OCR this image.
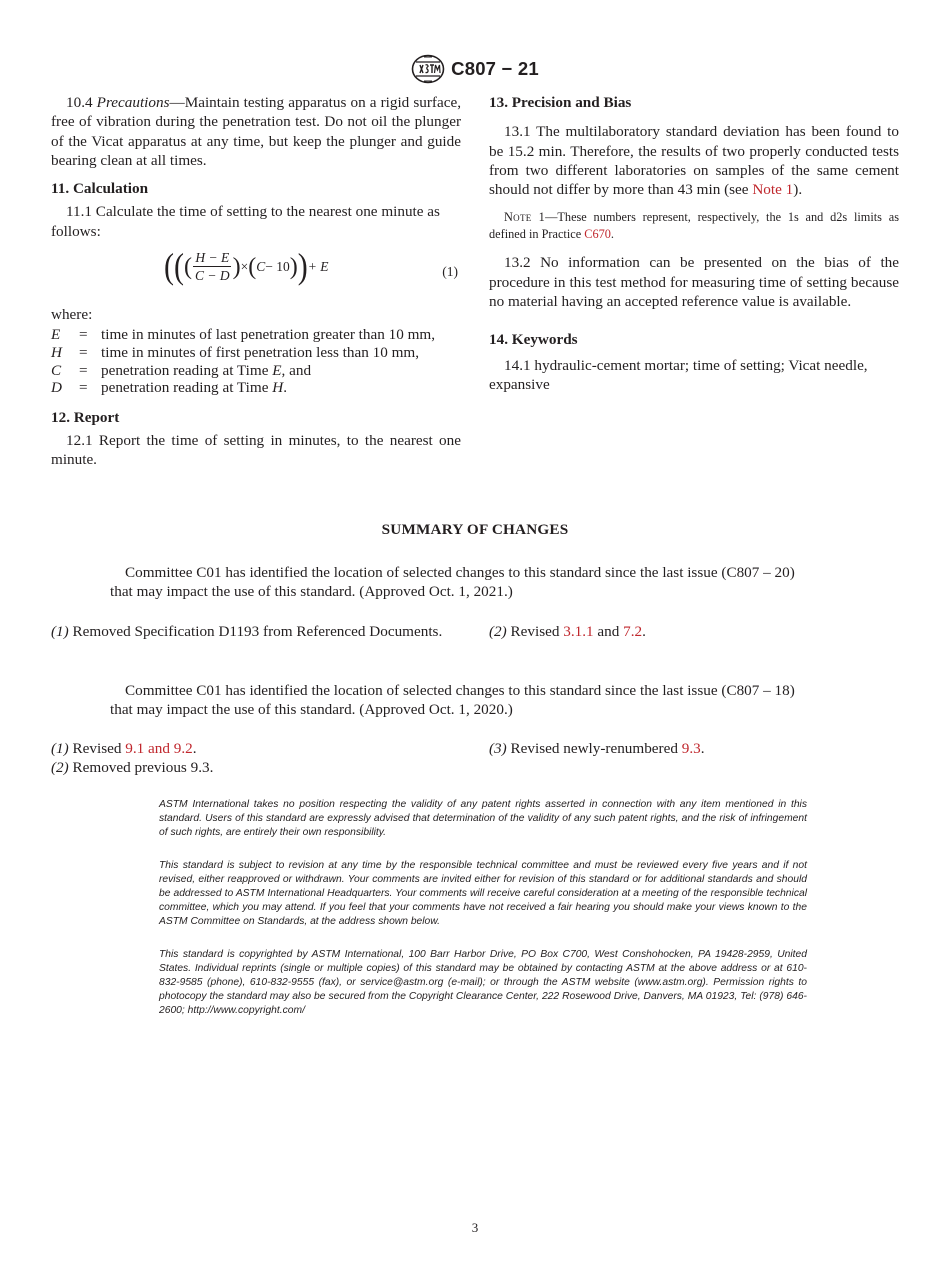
C807 − 21

10.4 Precautions—Maintain testing apparatus on a rigid surface, free of vibration during the penetration test. Do not oil the plunger of the Vicat apparatus at any time, but keep the plunger and guide bearing clean at all times.

11. Calculation

11.1 Calculate the time of setting to the nearest one minute as follows:

( ( ( $\frac{H - E}{C - D}$ ) × ( C − 10 ) ) + E	(1)
where:
E	= time in minutes of last penetration greater than 10 mm,
H	= time in minutes of first penetration less than 10 mm,
C	= penetration reading at Time E, and
D	= penetration reading at Time H.
12. Report

12.1 Report the time of setting in minutes, to the nearest one minute.

13. Precision and Bias

13.1 The multilaboratory standard deviation has been found to be 15.2 min. Therefore, the results of two properly conducted tests from two different laboratories on samples of the same cement should not differ by more than 43 min (see Note 1).

Note 1—These numbers represent, respectively, the 1s and d2s limits as defined in Practice C670.

13.2 No information can be presented on the bias of the procedure in this test method for measuring time of setting because no material having an accepted reference value is available.

14. Keywords

14.1 hydraulic-cement mortar; time of setting; Vicat needle, expansive

SUMMARY OF CHANGES
Committee C01 has identified the location of selected changes to this standard since the last issue (C807 – 20)
that may impact the use of this standard. (Approved Oct. 1, 2021.)
(1) Removed Specification D1193 from Referenced Documents.	(2) Revised 3.1.1 and 7.2.
Committee C01 has identified the location of selected changes to this standard since the last issue (C807 – 18)
that may impact the use of this standard. (Approved Oct. 1, 2020.)
(1) Revised 9.1 and 9.2.
(2) Removed previous 9.3.
(3) Revised newly-renumbered 9.3.
ASTM International takes no position respecting the validity of any patent rights asserted in connection with any item mentioned in this standard. Users of this standard are expressly advised that determination of the validity of any such patent rights, and the risk of infringement of such rights, are entirely their own responsibility.
This standard is subject to revision at any time by the responsible technical committee and must be reviewed every five years and if not revised, either reapproved or withdrawn. Your comments are invited either for revision of this standard or for additional standards and should be addressed to ASTM International Headquarters. Your comments will receive careful consideration at a meeting of the responsible technical committee, which you may attend. If you feel that your comments have not received a fair hearing you should make your views known to the ASTM Committee on Standards, at the address shown below.
This standard is copyrighted by ASTM International, 100 Barr Harbor Drive, PO Box C700, West Conshohocken, PA 19428-2959, United States. Individual reprints (single or multiple copies) of this standard may be obtained by contacting ASTM at the above address or at 610-832-9585 (phone), 610-832-9555 (fax), or service@astm.org (e-mail); or through the ASTM website (www.astm.org). Permission rights to photocopy the standard may also be secured from the Copyright Clearance Center, 222 Rosewood Drive, Danvers, MA 01923, Tel: (978) 646-2600; http://www.copyright.com/
3
